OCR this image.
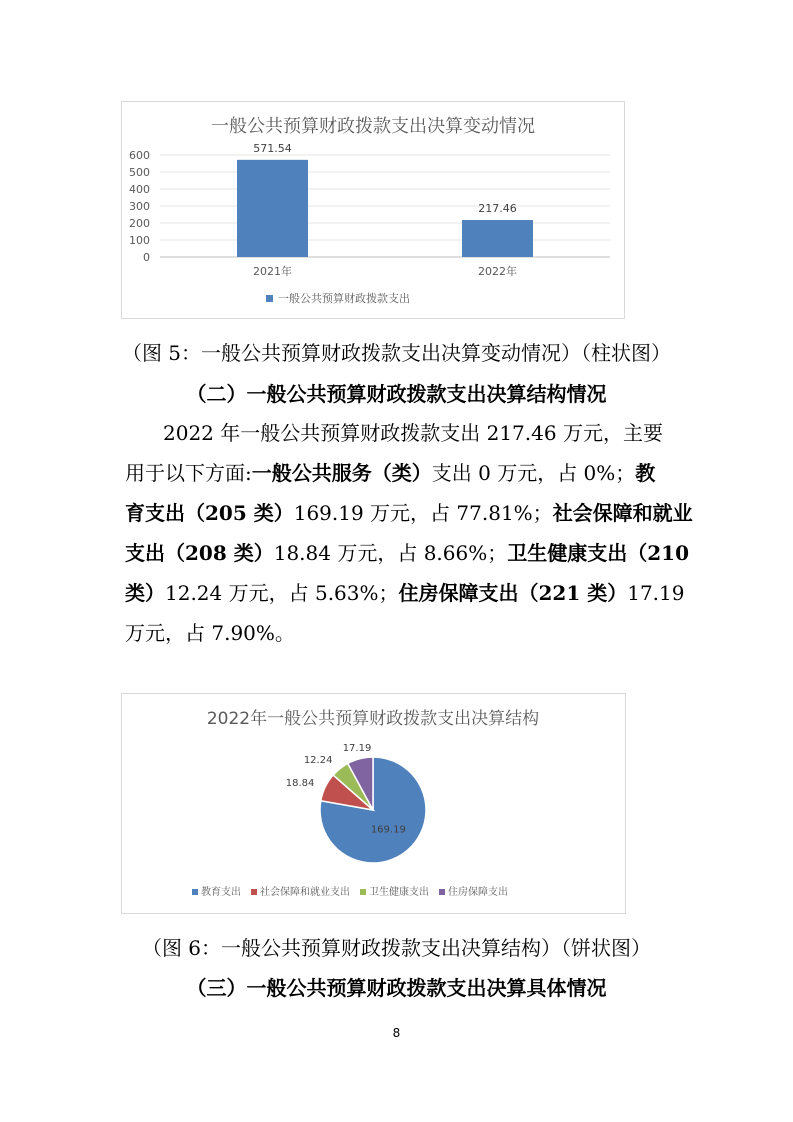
一般公共预算财政拨款支出决算变动情况
0
100
200
300
400
500
600
571.54
217.46
2021年	2022年
一般公共预算财政拨款支出
（图 5：一般公共预算财政拨款支出决算变动情况）（柱状图）
（二）一般公共预算财政拨款支出决算结构情况
2022 年一般公共预算财政拨款支出 217.46 万元，主要
用于以下方面:一般公共服务（类）支出 0 万元，占 0%；教
育支出（205 类）169.19 万元，占 77.81%；社会保障和就业
支出（208 类）18.84 万元，占 8.66%；卫生健康支出（210
类）12.24 万元，占 5.63%；住房保障支出（221 类）17.19
万元，占 7.90%。
2022年一般公共预算财政拨款支出决算结构
169.19
18.84
12.24
17.19
教育支出 社会保障和就业支出 卫生健康支出 住房保障支出
（图 6：一般公共预算财政拨款支出决算结构）（饼状图）
（三）一般公共预算财政拨款支出决算具体情况
8
